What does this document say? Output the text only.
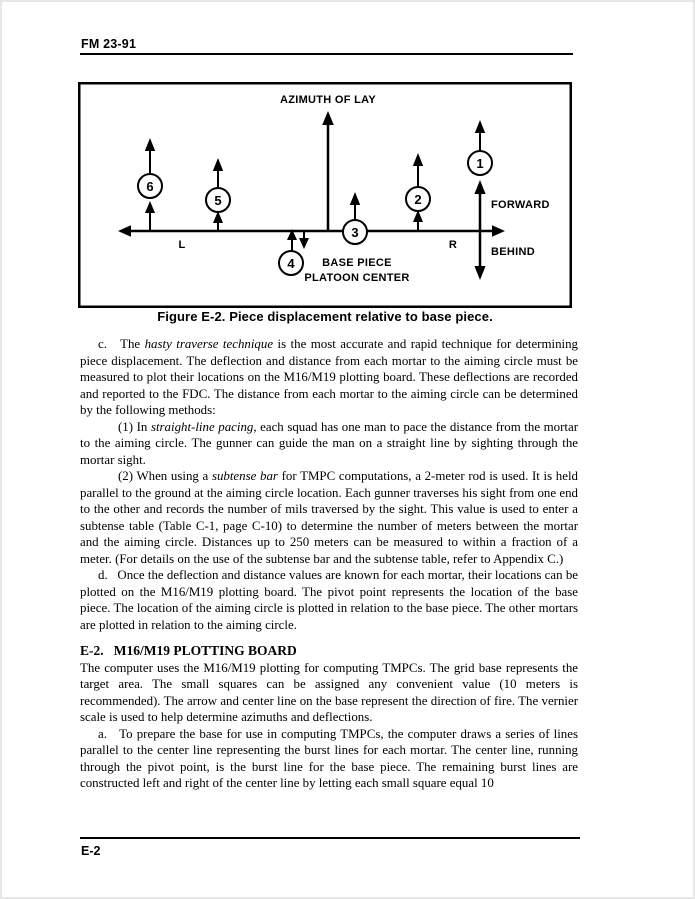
FM 23-91
1
2
3
4
5
6
AZIMUTH OF LAY
FORWARD
BEHIND
L	R
BASE PIECE
PLATOON CENTER
Figure E-2. Piece displacement relative to base piece.

c.   The hasty traverse technique is the most accurate and rapid technique for determining piece displacement. The deflection and distance from each mortar to the aiming circle must be measured to plot their locations on the M16/M19 plotting board. These deflections are recorded and reported to the FDC. The distance from each mortar to the aiming circle can be determined by the following methods:

(1) In straight-line pacing, each squad has one man to pace the distance from the mortar to the aiming circle. The gunner can guide the man on a straight line by sighting through the mortar sight.

(2) When using a subtense bar for TMPC computations, a 2-meter rod is used. It is held parallel to the ground at the aiming circle location. Each gunner traverses his sight from one end to the other and records the number of mils traversed by the sight. This value is used to enter a subtense table (Table C-1, page C-10) to determine the number of meters between the mortar and the aiming circle. Distances up to 250 meters can be measured to within a fraction of a meter. (For details on the use of the subtense bar and the subtense table, refer to Appendix C.)

d.   Once the deflection and distance values are known for each mortar, their locations can be plotted on the M16/M19 plotting board. The pivot point represents the location of the base piece. The location of the aiming circle is plotted in relation to the base piece. The other mortars are plotted in relation to the aiming circle.

E-2.   M16/M19 PLOTTING BOARD

The computer uses the M16/M19 plotting for computing TMPCs. The grid base represents the target area. The small squares can be assigned any convenient value (10 meters is recommended). The arrow and center line on the base represent the direction of fire. The vernier scale is used to help determine azimuths and deflections.

a.   To prepare the base for use in computing TMPCs, the computer draws a series of lines parallel to the center line representing the burst lines for each mortar. The center line, running through the pivot point, is the burst line for the base piece. The remaining burst lines are constructed left and right of the center line by letting each small square equal 10

E-2
